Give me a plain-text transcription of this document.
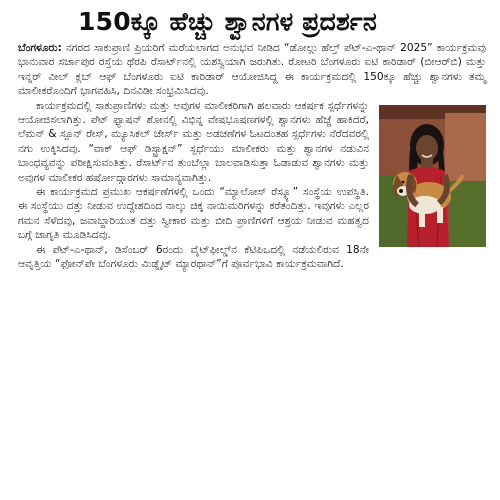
150ಕ್ಕೂ ಹೆಚ್ಚು ಶ್ವಾನಗಳ ಪ್ರದರ್ಶನ

ಬೆಂಗಳೂರು: ನಗರದ ಸಾಕುಪ್ರಾಣಿ ಪ್ರಿಯರಿಗೆ ಮರೆಯಲಾಗದ ಅನುಭವ ನೀಡಿದ “ಡೋಲ್ಗು ಹೆಲ್ತ್ ಪೆಟ್-ಎ-ಥಾನ್ 2025” ಕಾರ್ಯಕ್ರಮವು ಭಾನುವಾರ ಸರ್ಜಾಪುರ ರಸ್ತೆಯ ಥೆರಪಿ ರೆಸಾರ್ಟ್‌ನಲ್ಲಿ ಯಶಸ್ವಿಯಾಗಿ ಜರುಗಿತು. ರೋಟರಿ ಬೆಂಗಳೂರು ಐಟಿ ಕಾರಿಡಾರ್ (ಬೀಆರ್‌ಬಿ) ಮತ್ತು ಇನ್ನರ್ ವೀಲ್ ಕ್ಲಬ್ ಆಫ್ ಬೆಂಗಳೂರು ಐಟಿ ಕಾರಿಡಾರ್ ಆಯೋಜಿಸಿದ್ದ ಈ ಕಾರ್ಯಕ್ರಮದಲ್ಲಿ 150ಕ್ಕೂ ಹೆಚ್ಚು ಶ್ವಾನಗಳು ತಮ್ಮ ಮಾಲೀಕರೊಂದಿಗೆ ಭಾಗವಹಿಸಿ, ದಿನವಿಡೀ ಸಂಭ್ರಮಿಸಿದವು.

ಕಾರ್ಯಕ್ರಮದಲ್ಲಿ ಸಾಕುಪ್ರಾಣಿಗಳು ಮತ್ತು ಅವುಗಳ ಮಾಲೀಕರಿಗಾಗಿ ಹಲವಾರು ಆಕರ್ಷಕ ಸ್ಪರ್ಧೆಗಳನ್ನು ಆಯೋಜಿಸಲಾಗಿತ್ತು. ಪೆಟ್ ಫ್ಯಾಷನ್ ಶೋನಲ್ಲಿ ವಿಭಿನ್ನ ವೇಷಭೂಷಣಗಳಲ್ಲಿ ಶ್ವಾನಗಳು ಹೆಜ್ಜೆ ಹಾಕಿದರೆ, ಲೆಮನ್ & ಸ್ಪೂನ್ ರೇಸ್, ಮ್ಯೂಸಿಕಲ್ ಚೇರ್ಸ್ ಮತ್ತು ಅಡಚಣೆಗಳ ಓಟದಂತಹ ಸ್ಪರ್ಧೆಗಳು ನೆರೆದವರಲ್ಲಿ ನಗು ಉಕ್ಕಿಸಿದವು. “ವಾಕ್ ಆಫ್ ಡಿಸ್ಟ್ರಾಕ್ಷನ್” ಸ್ಪರ್ಧೆಯು ಮಾಲೀಕರು ಮತ್ತು ಶ್ವಾನಗಳ ನಡುವಿನ ಬಾಂಧವ್ಯವನ್ನು ಪರೀಕ್ಷಿಸುವಂತಿತ್ತು. ರೆಸಾರ್ಟ್‌ನ ತುಂಬೆಲ್ಲಾ ಬಾಲವಾಡಿಸುತ್ತಾ ಓಡಾಡುವ ಶ್ವಾನಗಳು ಮತ್ತು ಅವುಗಳ ಮಾಲೀಕರ ಹರ್ಷೋದ್ಗಾರಗಳು ಸಾಮಾನ್ಯವಾಗಿತ್ತು.

ಈ ಕಾರ್ಯಕ್ರಮದ ಪ್ರಮುಖ ಆಕರ್ಷಣೆಗಳಲ್ಲಿ ಒಂದು “ಮ್ಯಾಲೋಸ್ ರೆಸ್ಕ್ಯೂ” ಸಂಸ್ಥೆಯ ಉಪಸ್ಥಿತಿ. ಈ ಸಂಸ್ಥೆಯು ದತ್ತು ನೀಡುವ ಉದ್ದೇಶದಿಂದ ನಾಲ್ಕು ಚಿಕ್ಕ ನಾಯಿಮರಿಗಳನ್ನು ಕರೆತಂದಿತ್ತು. ಇವುಗಳು ಎಲ್ಲರ ಗಮನ ಸೆಳೆದವು, ಜವಾಬ್ದಾರಿಯುತ ದತ್ತು ಸ್ವೀಕಾರ ಮತ್ತು ಬೀದಿ ಪ್ರಾಣಿಗಳಿಗೆ ಆಶ್ರಯ ನೀಡುವ ಮಹತ್ವದ ಬಗ್ಗೆ ಜಾಗೃತಿ ಮೂಡಿಸಿದವು.

ಈ ಪೆಟ್-ಎ-ಥಾನ್, ಡಿಸೆಂಬರ್ 6ರಂದು ವೈಟ್‌ಫೀಲ್ಡ್‌ನ ಕೆಟಿಪಿಒದಲ್ಲಿ ನಡೆಯಲಿರುವ 18ನೇ ಆವೃತ್ತಿಯ “ಫೋನ್‌ಪೇ ಬೆಂಗಳೂರು ಮಿಡ್ನೈಟ್ ಮ್ಯಾರಥಾನ್”ಗೆ ಪೂರ್ವಭಾವಿ ಕಾರ್ಯಕ್ರಮವಾಗಿದೆ.
